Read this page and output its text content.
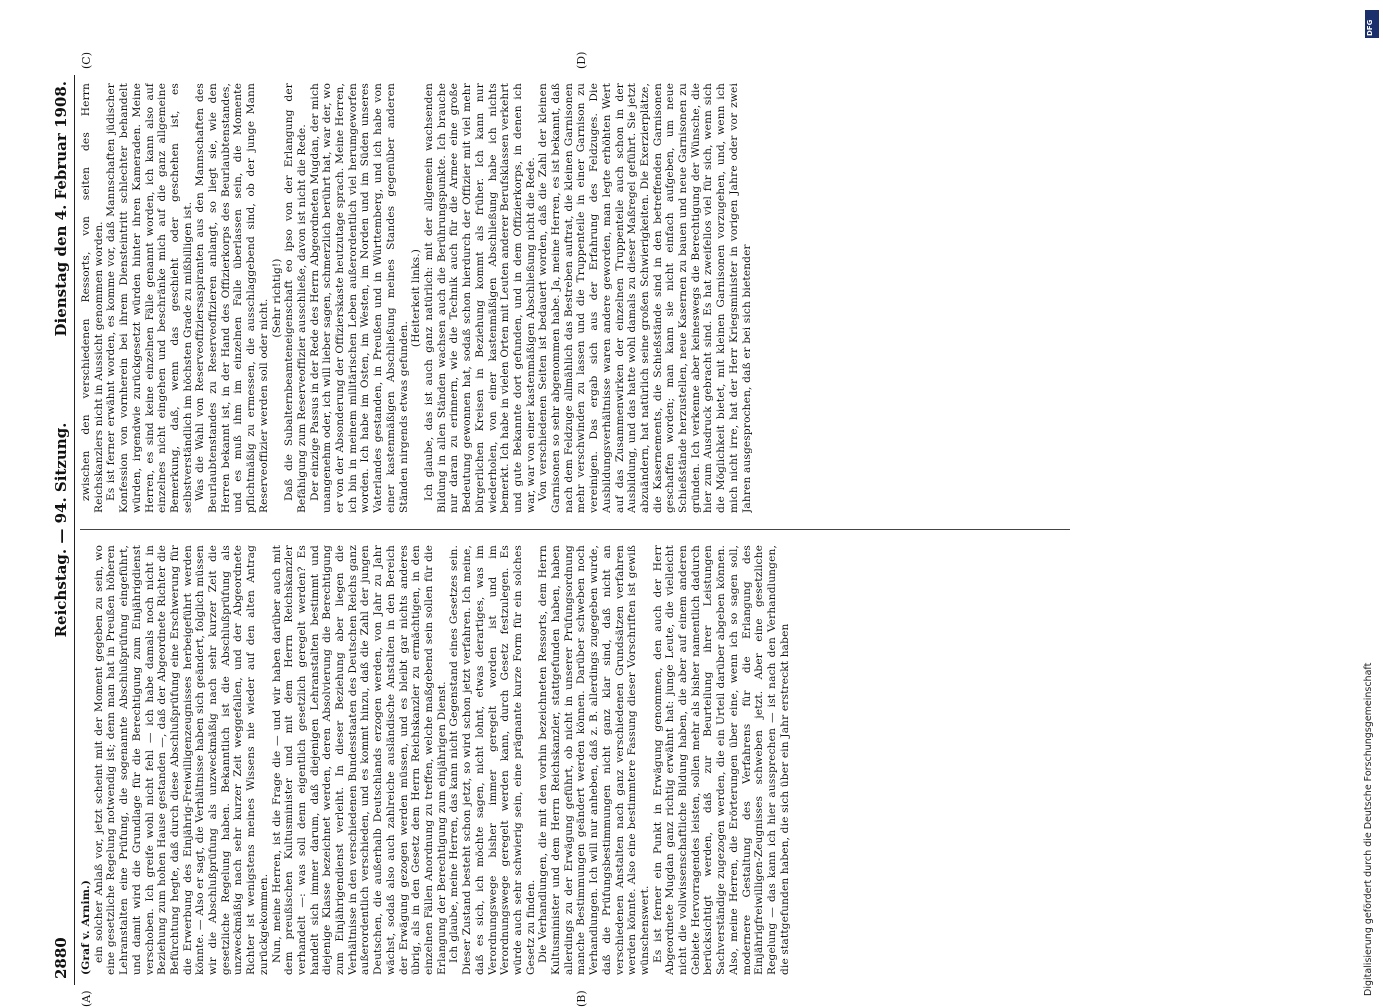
2880
Reichstag. — 94. Sitzung.
Dienstag den 4. Februar 1908.
(A)	(B)
(C)	(D)
(Graf v. Arnim.) ein solcher Anlaß vor, jetzt scheint mit der Moment gegeben zu sein, wo eine gesetzliche Regelung notwendig ist; denn man hat in Preußen höheren Lehranstalten eine Prüfung, die sogenannte Abschlußprüfung eingeführt, und damit wird die Grundlage für die Berechtigung zum Einjährigdienst verschoben. Ich greife wohl nicht fehl — ich habe damals noch nicht in Beziehung zum hohen Hause gestanden —, daß der Abgeordnete Richter die Befürchtung hegte, daß durch diese Abschlußprüfung eine Erschwerung für die Erwerbung des Einjährig-Freiwilligenzeugnisses herbeigeführt werden könnte. — Also er sagt, die Verhältnisse haben sich geändert, folglich müssen wir die Abschlußprüfung als unzweckmäßig nach sehr kurzer Zeit die gesetzliche Regelung haben. Bekanntlich ist die Abschlußprüfung als unzweckmäßig nach sehr kurzer Zeit weggefallen, und der Abgeordnete Richter ist wenigstens meines Wissens nie wieder auf den alten Antrag zurückgekommen. Nun, meine Herren, ist die Frage die — und wir haben darüber auch mit dem preußischen Kultusminister und mit dem Herrn Reichskanzler verhandelt —: was soll denn eigentlich gesetzlich geregelt werden? Es handelt sich immer darum, daß diejenigen Lehranstalten bestimmt und diejenige Klasse bezeichnet werden, deren Absolvierung die Berechtigung zum Einjährigendienst verleiht. In dieser Beziehung aber liegen die Verhältnisse in den verschiedenen Bundesstaaten des Deutschen Reichs ganz außerordentlich verschieden, und es kommt hinzu, daß die Zahl der jungen Deutschen, die außerhalb Deutschlands erzogen werden, von Jahr zu Jahr wächst, sodaß also auch zahlreiche ausländische Anstalten in den Bereich der Erwägung gezogen werden müssen, und es bleibt gar nichts anderes übrig, als in den Gesetz dem Herrn Reichskanzler zu ermächtigen, in den einzelnen Fällen Anordnung zu treffen, welche maßgebend sein sollen für die Erlangung der Berechtigung zum einjährigen Dienst. Ich glaube, meine Herren, das kann nicht Gegenstand eines Gesetzes sein. Dieser Zustand besteht schon jetzt, so wird schon jetzt verfahren. Ich meine, daß es sich, ich möchte sagen, nicht lohnt, etwas derartiges, was im Verordnungswege bisher immer geregelt worden ist und im Verordnungswege geregelt werden kann, durch Gesetz festzulegen. Es würde auch sehr schwierig sein, eine prägnante kurze Form für ein solches Gesetz zu finden. Die Verhandlungen, die mit den vorhin bezeichneten Ressorts, dem Herrn Kultusminister und dem Herrn Reichskanzler, stattgefunden haben, haben allerdings zu der Erwägung geführt, ob nicht in unserer Prüfungsordnung manche Bestimmungen geändert werden können. Darüber schweben noch Verhandlungen. Ich will nur anheben, daß z. B. allerdings zugegeben wurde, daß die Prüfungsbestimmungen nicht ganz klar sind, daß nicht an verschiedenen Anstalten nach ganz verschiedenen Grundsätzen verfahren werden könnte. Also eine bestimmtere Fassung dieser Vorschriften ist gewiß wünschenswert. Es ist ferner ein Punkt in Erwägung genommen, den auch der Herr Abgeordnete Mugdan ganz richtig erwähnt hat: junge Leute, die vielleicht nicht die vollwissenschaftliche Bildung haben, die aber auf einem anderen Gebiete Hervorragendes leisten, sollen mehr als bisher namentlich dadurch berücksichtigt werden, daß zur Beurteilung ihrer Leistungen Sachverständige zugezogen werden, die ein Urteil darüber abgeben können. Also, meine Herren, die Erörterungen über eine, wenn ich so sagen soll, modernere Gestaltung des Verfahrens für die Erlangung des Einjährigfreiwilligen-Zeugnisses schweben jetzt. Aber eine gesetzliche Regelung — das kann ich hier aussprechen — ist nach den Verhandlungen, die stattgefunden haben, die sich über ein Jahr erstreckt haben

zwischen den verschiedenen Ressorts, von seiten des Herrn Reichskanzlers nicht in Aussicht genommen worden. Es ist ferner erwähnt worden, es komme vor, daß Mannschaften jüdischer Konfession von vornherein bei ihrem Diensteintritt schlechter behandelt würden, irgendwie zurückgesetzt würden hinter ihren Kameraden. Meine Herren, es sind keine einzelnen Fälle genannt worden, ich kann also auf einzelnes nicht eingehen und beschränke mich auf die ganz allgemeine Bemerkung, daß, wenn das geschieht oder geschehen ist, es selbstverständlich im höchsten Grade zu mißbilligen ist. Was die Wahl von Reserveoffiziersaspiranten aus den Mannschaften des Beurlaubtenstandes zu Reserveoffizieren anlangt, so liegt sie, wie den Herren bekannt ist, in der Hand des Offizierkorps des Beurlaubtenstandes, und es muß ihm im einzelnen Falle überlassen sein, die Momente pflichtmäßig zu ermessen, die ausschlaggebend sind, ob der junge Mann Reserveoffizier werden soll oder nicht.

(Sehr richtig!) Daß die Subalternbeamteneigenschaft eo ipso von der Erlangung der Befähigung zum Reserveoffizier ausschließe, davon ist nicht die Rede. Der einzige Passus in der Rede des Herrn Abgeordneten Mugdan, der mich unangenehm oder, ich will lieber sagen, schmerzlich berührt hat, war der, wo er von der Absonderung der Offizierskaste heutzutage sprach. Meine Herren, ich bin in meinem militärischen Leben außerordentlich viel herumgeworfen worden. Ich habe im Osten, im Westen, im Norden und im Süden unseres Vaterlandes gestanden, in Preußen und in Württemberg, und ich habe von einer kastenmäßigen Abschließung meines Standes gegenüber anderen Ständen nirgends etwas gefunden.

(Heiterkeit links.) Ich glaube, das ist auch ganz natürlich: mit der allgemein wachsenden Bildung in allen Ständen wachsen auch die Berührungspunkte. Ich brauche nur daran zu erinnern, wie die Technik auch für die Armee eine große Bedeutung gewonnen hat, sodaß schon hierdurch der Offizier mit viel mehr bürgerlichen Kreisen in Beziehung kommt als früher. Ich kann nur wiederholen, von einer kastenmäßigen Abschließung habe ich nichts bemerkt. Ich habe in vielen Orten mit Leuten anderer Berufsklassen verkehrt und gute Bekannte dort gefunden, und in dem Offizierkorps, in denen ich war, war von einer kastenmäßigen Abschließung nicht die Rede. Von verschiedenen Seiten ist bedauert worden, daß die Zahl der kleinen Garnisonen so sehr abgenommen habe. Ja, meine Herren, es ist bekannt, daß nach dem Feldzuge allmählich das Bestreben auftrat, die kleinen Garnisonen mehr verschwinden zu lassen und die Truppenteile in einer Garnison zu vereinigen. Das ergab sich aus der Erfahrung des Feldzuges. Die Ausbildungsverhältnisse waren andere geworden, man legte erhöhten Wert auf das Zusammenwirken der einzelnen Truppenteile auch schon in der Ausbildung, und das hatte wohl damals zu dieser Maßregel geführt. Sie jetzt abzuändern, hat natürlich seine großen Schwierigkeiten. Die Exerzierplätze, die Kasernements, die Schießstände sind in den betreffenden Garnisonen geschaffen worden; man kann sie nicht einfach aufgeben, um neue Schießstände herzustellen, neue Kasernen zu bauen und neue Garnisonen zu gründen. Ich verkenne aber keineswegs die Berechtigung der Wünsche, die hier zum Ausdruck gebracht sind. Es hat zweifellos viel für sich, wenn sich die Möglichkeit bietet, mit kleinen Garnisonen vorzugehen, und, wenn ich mich nicht irre, hat der Herr Kriegsminister in vorigen Jahre oder vor zwei Jahren ausgesprochen, daß er bei sich bietender

DFG
Digitalisierung gefördert durch die Deutsche Forschungsgemeinschaft
